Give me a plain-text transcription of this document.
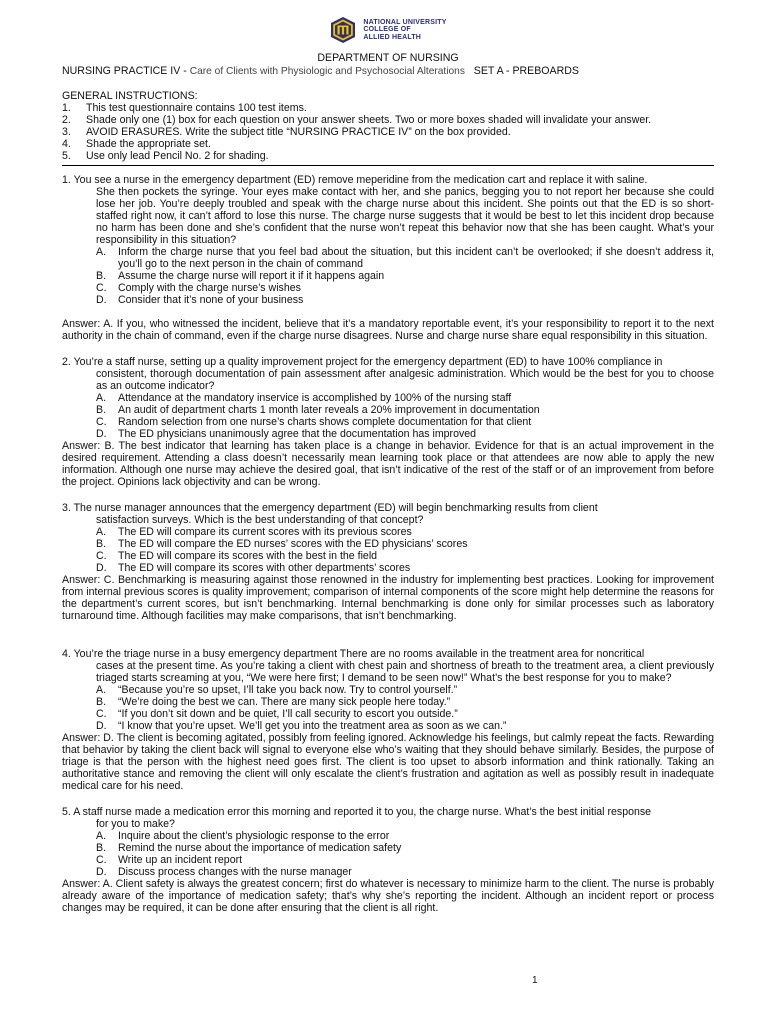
NATIONAL UNIVERSITY
COLLEGE OF
ALLIED HEALTH
DEPARTMENT OF NURSING
NURSING PRACTICE IV - Care of Clients with Physiologic and Psychosocial Alterations SET A - PREBOARDS
GENERAL INSTRUCTIONS:
1.	This test questionnaire contains 100 test items.
2.	Shade only one (1) box for each question on your answer sheets. Two or more boxes shaded will invalidate your answer.
3.	AVOID ERASURES. Write the subject title “NURSING PRACTICE IV” on the box provided.
4.	Shade the appropriate set.
5.	Use only lead Pencil No. 2 for shading.
1. You see a nurse in the emergency department (ED) remove meperidine from the medication cart and replace it with saline.
She then pockets the syringe. Your eyes make contact with her, and she panics, begging you to not report her because she could lose her job. You’re deeply troubled and speak with the charge nurse about this incident. She points out that the ED is so short-staffed right now, it can’t afford to lose this nurse. The charge nurse suggests that it would be best to let this incident drop because no harm has been done and she’s confident that the nurse won’t repeat this behavior now that she has been caught. What’s your responsibility in this situation?
A.	Inform the charge nurse that you feel bad about the situation, but this incident can’t be overlooked; if she doesn’t address it, you’ll go to the next person in the chain of command
B.	Assume the charge nurse will report it if it happens again
C.	Comply with the charge nurse’s wishes
D.	Consider that it’s none of your business
Answer: A. If you, who witnessed the incident, believe that it’s a mandatory reportable event, it’s your responsibility to report it to the next authority in the chain of command, even if the charge nurse disagrees. Nurse and charge nurse share equal responsibility in this situation.
2. You’re a staff nurse, setting up a quality improvement project for the emergency department (ED) to have 100% compliance in
consistent, thorough documentation of pain assessment after analgesic administration. Which would be the best for you to choose as an outcome indicator?
A.	Attendance at the mandatory inservice is accomplished by 100% of the nursing staff
B.	An audit of department charts 1 month later reveals a 20% improvement in documentation
C.	Random selection from one nurse’s charts shows complete documentation for that client
D.	The ED physicians unanimously agree that the documentation has improved
Answer: B. The best indicator that learning has taken place is a change in behavior. Evidence for that is an actual improvement in the desired requirement. Attending a class doesn’t necessarily mean learning took place or that attendees are now able to apply the new information. Although one nurse may achieve the desired goal, that isn’t indicative of the rest of the staff or of an improvement from before the project. Opinions lack objectivity and can be wrong.
3. The nurse manager announces that the emergency department (ED) will begin benchmarking results from client
satisfaction surveys. Which is the best understanding of that concept?
A.	The ED will compare its current scores with its previous scores
B.	The ED will compare the ED nurses’ scores with the ED physicians’ scores
C.	The ED will compare its scores with the best in the field
D.	The ED will compare its scores with other departments’ scores
Answer: C. Benchmarking is measuring against those renowned in the industry for implementing best practices. Looking for improvement from internal previous scores is quality improvement; comparison of internal components of the score might help determine the reasons for the department’s current scores, but isn’t benchmarking. Internal benchmarking is done only for similar processes such as laboratory turnaround time. Although facilities may make comparisons, that isn’t benchmarking.
4. You’re the triage nurse in a busy emergency department There are no rooms available in the treatment area for noncritical
cases at the present time. As you’re taking a client with chest pain and shortness of breath to the treatment area, a client previously triaged starts screaming at you, “We were here first; I demand to be seen now!” What’s the best response for you to make?
A.	“Because you’re so upset, I’ll take you back now. Try to control yourself.”
B.	“We’re doing the best we can. There are many sick people here today.”
C.	“If you don’t sit down and be quiet, I’ll call security to escort you outside.”
D.	“I know that you’re upset. We’ll get you into the treatment area as soon as we can.”
Answer: D. The client is becoming agitated, possibly from feeling ignored. Acknowledge his feelings, but calmly repeat the facts. Rewarding that behavior by taking the client back will signal to everyone else who’s waiting that they should behave similarly. Besides, the purpose of triage is that the person with the highest need goes first. The client is too upset to absorb information and think rationally. Taking an authoritative stance and removing the client will only escalate the client’s frustration and agitation as well as possibly result in inadequate medical care for his need.
5. A staff nurse made a medication error this morning and reported it to you, the charge nurse. What’s the best initial response
for you to make?
A.	Inquire about the client’s physiologic response to the error
B.	Remind the nurse about the importance of medication safety
C.	Write up an incident report
D.	Discuss process changes with the nurse manager
Answer: A. Client safety is always the greatest concern; first do whatever is necessary to minimize harm to the client. The nurse is probably already aware of the importance of medication safety; that’s why she’s reporting the incident. Although an incident report or process changes may be required, it can be done after ensuring that the client is all right.
1
